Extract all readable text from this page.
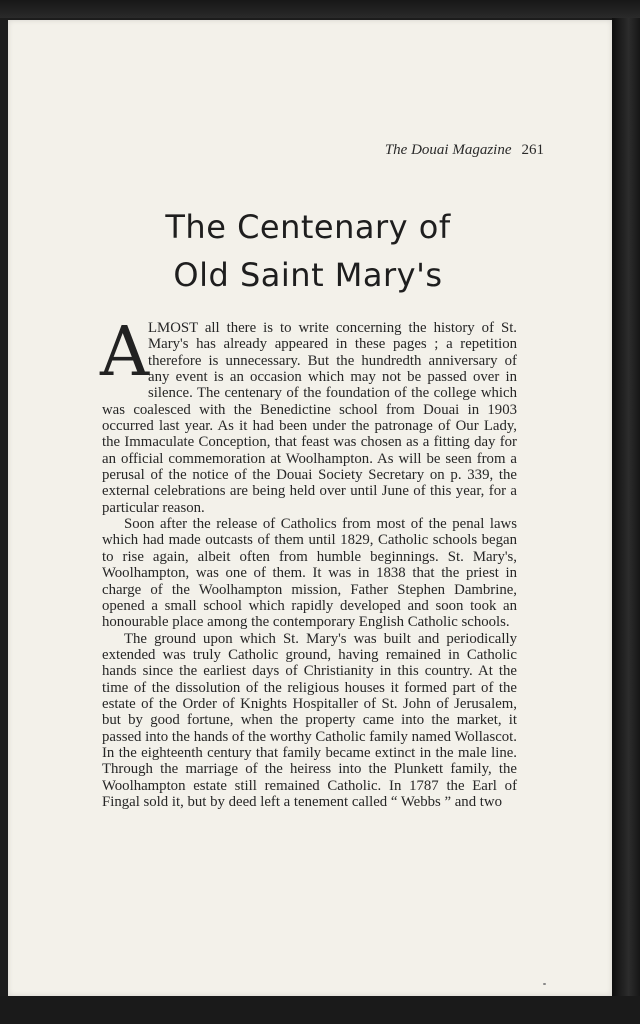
The Douai Magazine 261
The Centenary of
Old Saint Mary's

A
LMOST all there is to write concerning the history of St. Mary's has already appeared in these pages ; a repetition therefore is unnecessary. But the hundredth anniversary of any event is an occasion which may not be passed over in silence. The centenary of the foundation of the college which was coalesced with the Benedictine school from Douai in 1903 occurred last year. As it had been under the patronage of Our Lady, the Immaculate Conception, that feast was chosen as a fitting day for an official commemoration at Woolhampton. As will be seen from a perusal of the notice of the Douai Society Secretary on p. 339, the external celebrations are being held over until June of this year, for a particular reason.

Soon after the release of Catholics from most of the penal laws which had made outcasts of them until 1829, Catholic schools began to rise again, albeit often from humble beginnings. St. Mary's, Woolhampton, was one of them. It was in 1838 that the priest in charge of the Woolhampton mission, Father Stephen Dambrine, opened a small school which rapidly developed and soon took an honourable place among the contemporary English Catholic schools.

The ground upon which St. Mary's was built and periodically extended was truly Catholic ground, having remained in Catholic hands since the earliest days of Christianity in this country. At the time of the dissolution of the religious houses it formed part of the estate of the Order of Knights Hospitaller of St. John of Jerusalem, but by good fortune, when the property came into the market, it passed into the hands of the worthy Catholic family named Wollascot. In the eighteenth century that family became extinct in the male line. Through the marriage of the heiress into the Plunkett family, the Woolhampton estate still remained Catholic. In 1787 the Earl of Fingal sold it, but by deed left a tenement called “ Webbs ” and two
